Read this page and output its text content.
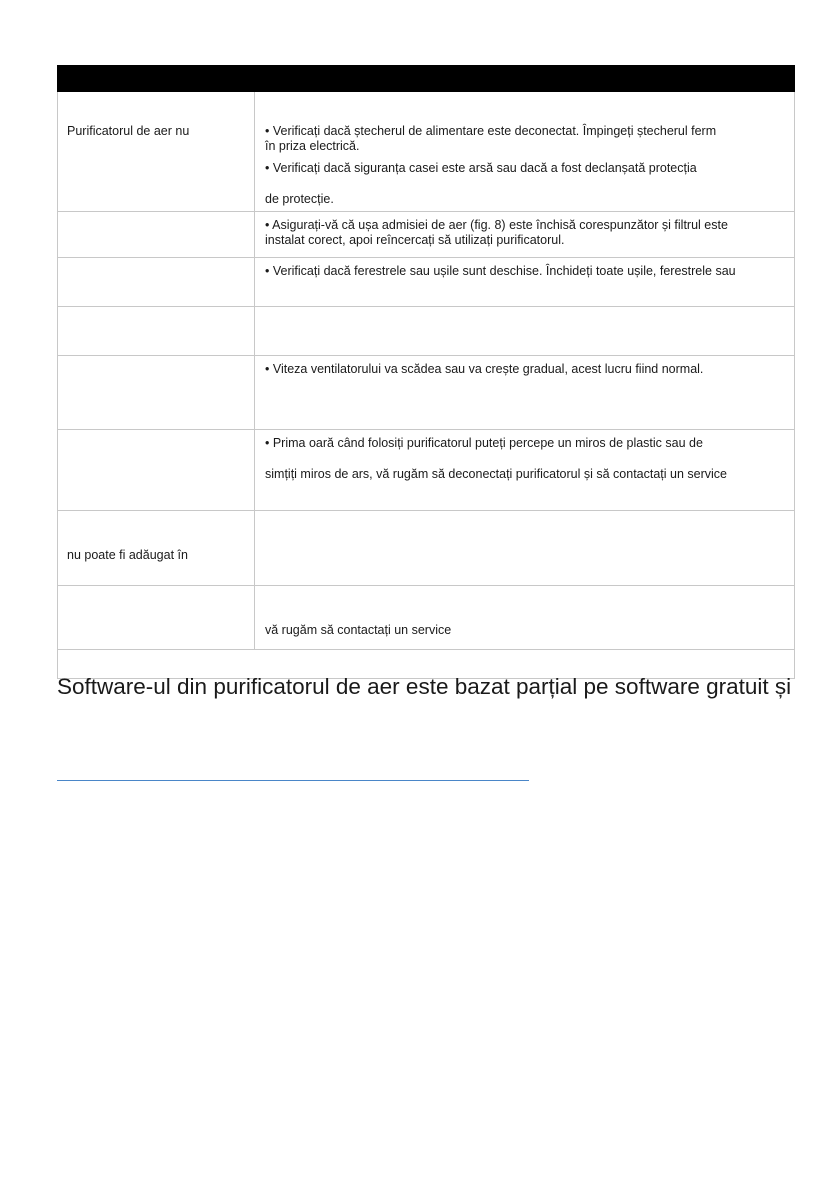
Purificatorul de aer nu	• Verificați dacă ștecherul de alimentare este deconectat. Împingeți ștecherul ferm
în priza electrică.
• Verificați dacă siguranța casei este arsă sau dacă a fost declanșată protecția
de protecție.

	• Asigurați-vă că ușa admisiei de aer (fig. 8) este închisă corespunzător și filtrul este
instalat corect, apoi reîncercați să utilizați purificatorul.

	• Verificați dacă ferestrele sau ușile sunt deschise. Închideți toate ușile, ferestrele sau

	• Viteza ventilatorului va scădea sau va crește gradual, acest lucru fiind normal.

	• Prima oară când folosiți purificatorul puteți percepe un miros de plastic sau de
simțiți miros de ars, vă rugăm să deconectați purificatorul și să contactați un service

nu poate fi adăugat în	

	vă rugăm să contactați un service

Software-ul din purificatorul de aer este bazat parțial pe software gratuit și
